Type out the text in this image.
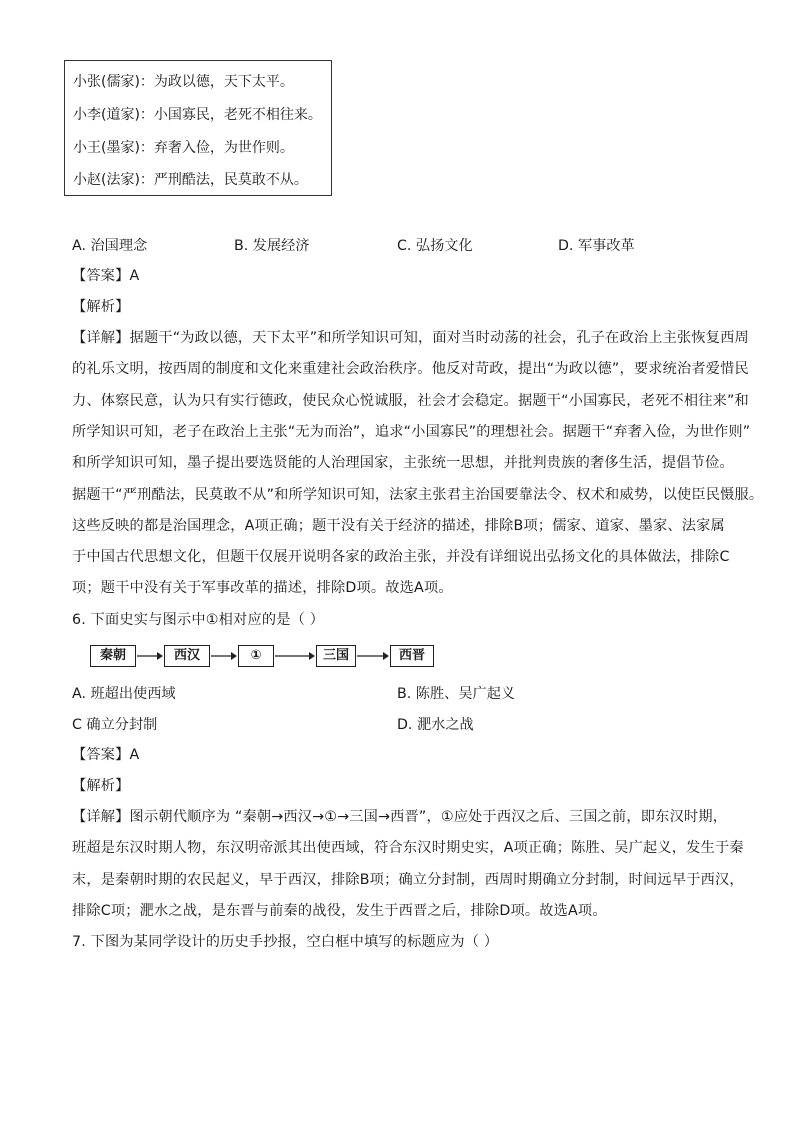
小张(儒家)：为政以德，天下太平。
小李(道家)：小国寡民，老死不相往来。
小王(墨家)：弃奢入俭，为世作则。
小赵(法家)：严刑酷法，民莫敢不从。
A. 治国理念	B. 发展经济	C. 弘扬文化	D. 军事改革
【答案】A
【解析】
【详解】据题干“为政以德，天下太平”和所学知识可知，面对当时动荡的社会，孔子在政治上主张恢复西周
的礼乐文明，按西周的制度和文化来重建社会政治秩序。他反对苛政，提出“为政以德”，要求统治者爱惜民
力、体察民意，认为只有实行德政，使民众心悦诚服，社会才会稳定。据题干“小国寡民，老死不相往来”和
所学知识可知，老子在政治上主张“无为而治”，追求“小国寡民”的理想社会。据题干“弃奢入俭，为世作则”
和所学知识可知，墨子提出要选贤能的人治理国家，主张统一思想，并批判贵族的奢侈生活，提倡节俭。
据题干“严刑酷法，民莫敢不从”和所学知识可知，法家主张君主治国要靠法令、权术和威势，以使臣民慑服。
这些反映的都是治国理念，A项正确；题干没有关于经济的描述，排除B项；儒家、道家、墨家、法家属
于中国古代思想文化，但题干仅展开说明各家的政治主张，并没有详细说出弘扬文化的具体做法，排除C
项；题干中没有关于军事改革的描述，排除D项。故选A项。
6. 下面史实与图示中①相对应的是（ ）
秦朝	西汉	①	三国	西晋
A. 班超出使西域	B. 陈胜、吴广起义
C 确立分封制	D. 淝水之战
【答案】A
【解析】
【详解】图示朝代顺序为 “秦朝→西汉→①→三国→西晋”，①应处于西汉之后、三国之前，即东汉时期，
班超是东汉时期人物，东汉明帝派其出使西域，符合东汉时期史实，A项正确；陈胜、吴广起义，发生于秦
末，是秦朝时期的农民起义，早于西汉，排除B项；确立分封制，西周时期确立分封制，时间远早于西汉，
排除C项；淝水之战，是东晋与前秦的战役，发生于西晋之后，排除D项。故选A项。
7. 下图为某同学设计的历史手抄报，空白框中填写的标题应为（ ）
